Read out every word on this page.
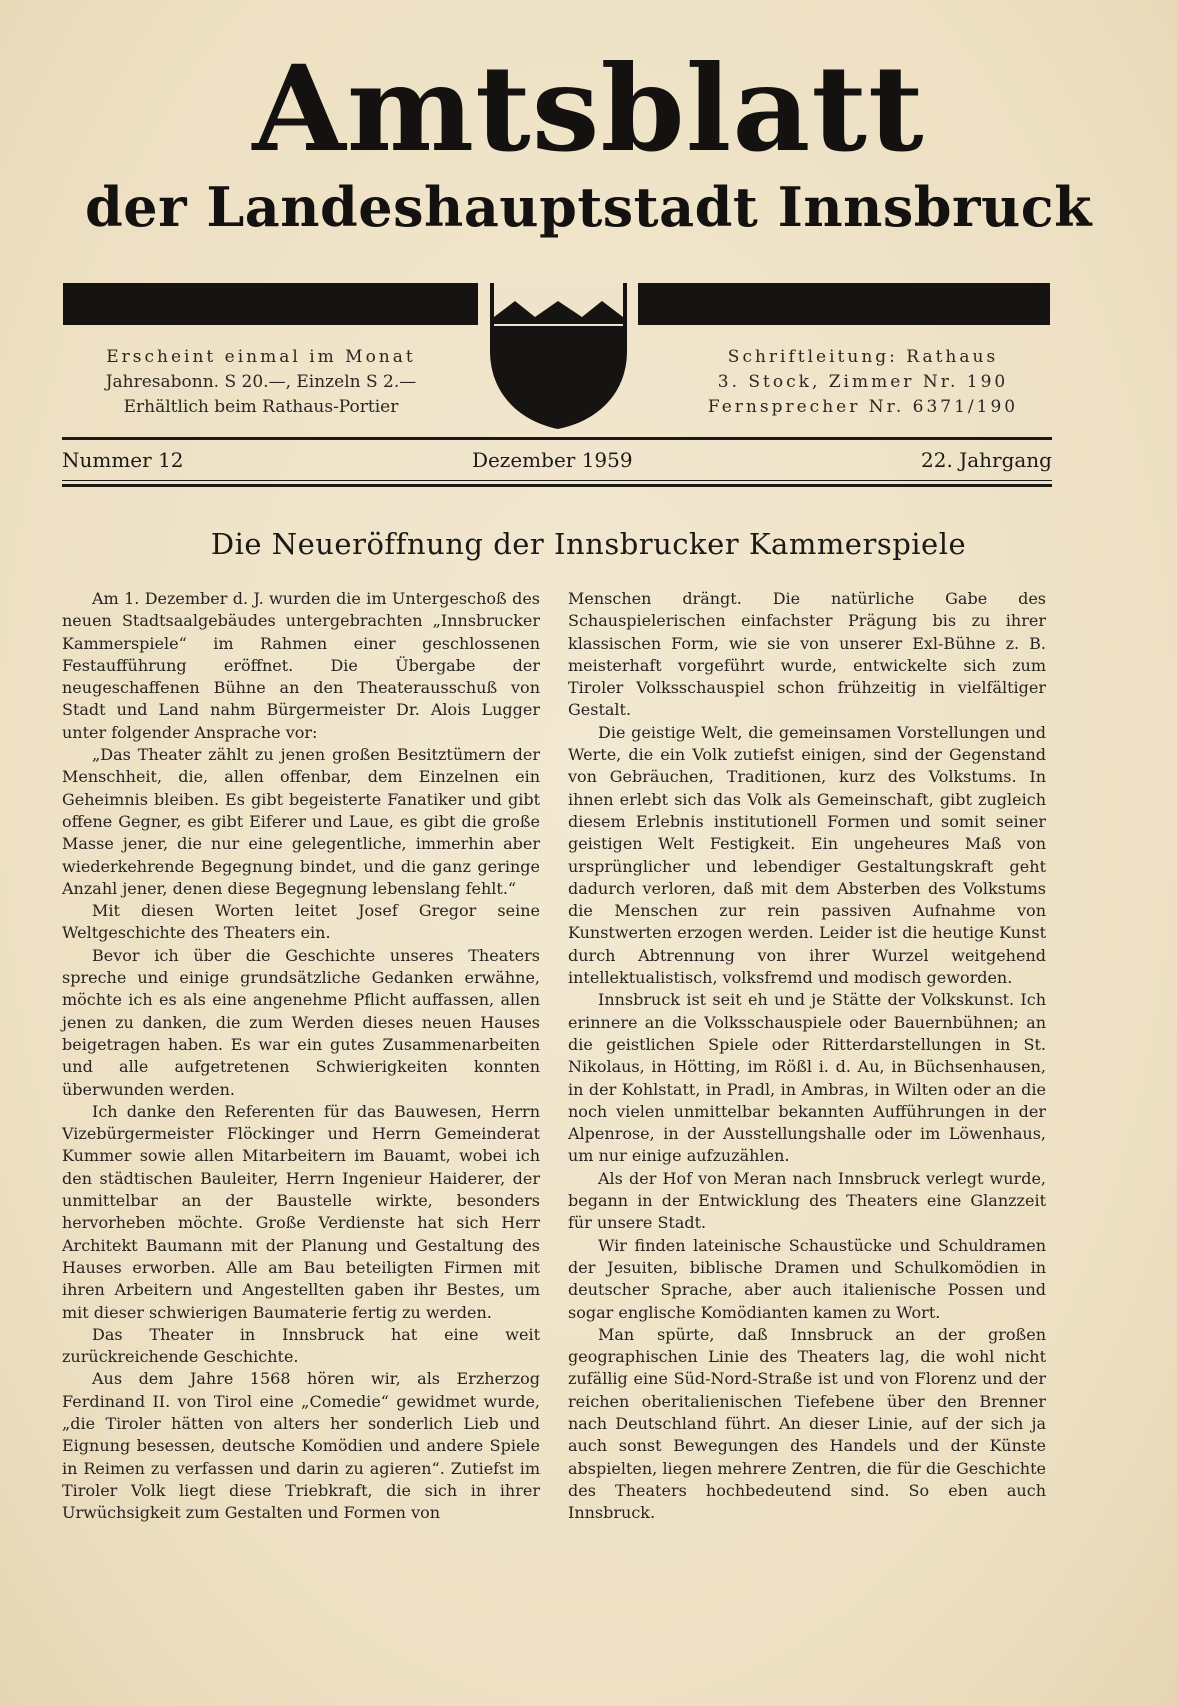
Amtsblatt
der Landeshauptstadt Innsbruck
Erscheint einmal im Monat
Jahresabonn. S 20.—, Einzeln S 2.—
Erhältlich beim Rathaus-Portier
Schriftleitung: Rathaus
3. Stock, Zimmer Nr. 190
Fernsprecher Nr. 6371/190
Nummer 12	Dezember 1959	22. Jahrgang
Die Neueröffnung der Innsbrucker Kammerspiele

Am 1. Dezember d. J. wurden die im Untergeschoß des neuen Stadtsaalgebäudes untergebrachten „Innsbrucker Kammerspiele“ im Rahmen einer geschlossenen Festaufführung eröffnet. Die Übergabe der neugeschaffenen Bühne an den Theaterausschuß von Stadt und Land nahm Bürgermeister Dr. Alois Lugger unter folgender Ansprache vor:

„Das Theater zählt zu jenen großen Besitztümern der Menschheit, die, allen offenbar, dem Einzelnen ein Geheimnis bleiben. Es gibt begeisterte Fanatiker und gibt offene Gegner, es gibt Eiferer und Laue, es gibt die große Masse jener, die nur eine gelegentliche, immerhin aber wiederkehrende Begegnung bindet, und die ganz geringe Anzahl jener, denen diese Begegnung lebenslang fehlt.“

Mit diesen Worten leitet Josef Gregor seine Weltgeschichte des Theaters ein.

Bevor ich über die Geschichte unseres Theaters spreche und einige grundsätzliche Gedanken erwähne, möchte ich es als eine angenehme Pflicht auffassen, allen jenen zu danken, die zum Werden dieses neuen Hauses beigetragen haben. Es war ein gutes Zusammenarbeiten und alle aufgetretenen Schwierigkeiten konnten überwunden werden.

Ich danke den Referenten für das Bauwesen, Herrn Vizebürgermeister Flöckinger und Herrn Gemeinderat Kummer sowie allen Mitarbeitern im Bauamt, wobei ich den städtischen Bauleiter, Herrn Ingenieur Haiderer, der unmittelbar an der Baustelle wirkte, besonders hervorheben möchte. Große Verdienste hat sich Herr Architekt Baumann mit der Planung und Gestaltung des Hauses erworben. Alle am Bau beteiligten Firmen mit ihren Arbeitern und Angestellten gaben ihr Bestes, um mit dieser schwierigen Baumaterie fertig zu werden.

Das Theater in Innsbruck hat eine weit zurückreichende Geschichte.

Aus dem Jahre 1568 hören wir, als Erzherzog Ferdinand II. von Tirol eine „Comedie“ gewidmet wurde, „die Tiroler hätten von alters her sonderlich Lieb und Eignung besessen, deutsche Komödien und andere Spiele in Reimen zu verfassen und darin zu agieren“. Zutiefst im Tiroler Volk liegt diese Triebkraft, die sich in ihrer Urwüchsigkeit zum Gestalten und Formen von

Menschen drängt. Die natürliche Gabe des Schauspielerischen einfachster Prägung bis zu ihrer klassischen Form, wie sie von unserer Exl-Bühne z. B. meisterhaft vorgeführt wurde, entwickelte sich zum Tiroler Volksschauspiel schon frühzeitig in vielfältiger Gestalt.

Die geistige Welt, die gemeinsamen Vorstellungen und Werte, die ein Volk zutiefst einigen, sind der Gegenstand von Gebräuchen, Traditionen, kurz des Volkstums. In ihnen erlebt sich das Volk als Gemeinschaft, gibt zugleich diesem Erlebnis institutionell Formen und somit seiner geistigen Welt Festigkeit. Ein ungeheures Maß von ursprünglicher und lebendiger Gestaltungskraft geht dadurch verloren, daß mit dem Absterben des Volkstums die Menschen zur rein passiven Aufnahme von Kunstwerten erzogen werden. Leider ist die heutige Kunst durch Abtrennung von ihrer Wurzel weitgehend intellektualistisch, volksfremd und modisch geworden.

Innsbruck ist seit eh und je Stätte der Volkskunst. Ich erinnere an die Volksschauspiele oder Bauernbühnen; an die geistlichen Spiele oder Ritterdarstellungen in St. Nikolaus, in Hötting, im Rößl i. d. Au, in Büchsenhausen, in der Kohlstatt, in Pradl, in Ambras, in Wilten oder an die noch vielen unmittelbar bekannten Aufführungen in der Alpenrose, in der Ausstellungshalle oder im Löwenhaus, um nur einige aufzuzählen.

Als der Hof von Meran nach Innsbruck verlegt wurde, begann in der Entwicklung des Theaters eine Glanzzeit für unsere Stadt.

Wir finden lateinische Schaustücke und Schuldramen der Jesuiten, biblische Dramen und Schulkomödien in deutscher Sprache, aber auch italienische Possen und sogar englische Komödianten kamen zu Wort.

Man spürte, daß Innsbruck an der großen geographischen Linie des Theaters lag, die wohl nicht zufällig eine Süd-Nord-Straße ist und von Florenz und der reichen oberitalienischen Tiefebene über den Brenner nach Deutschland führt. An dieser Linie, auf der sich ja auch sonst Bewegungen des Handels und der Künste abspielten, liegen mehrere Zentren, die für die Geschichte des Theaters hochbedeutend sind. So eben auch Innsbruck.
